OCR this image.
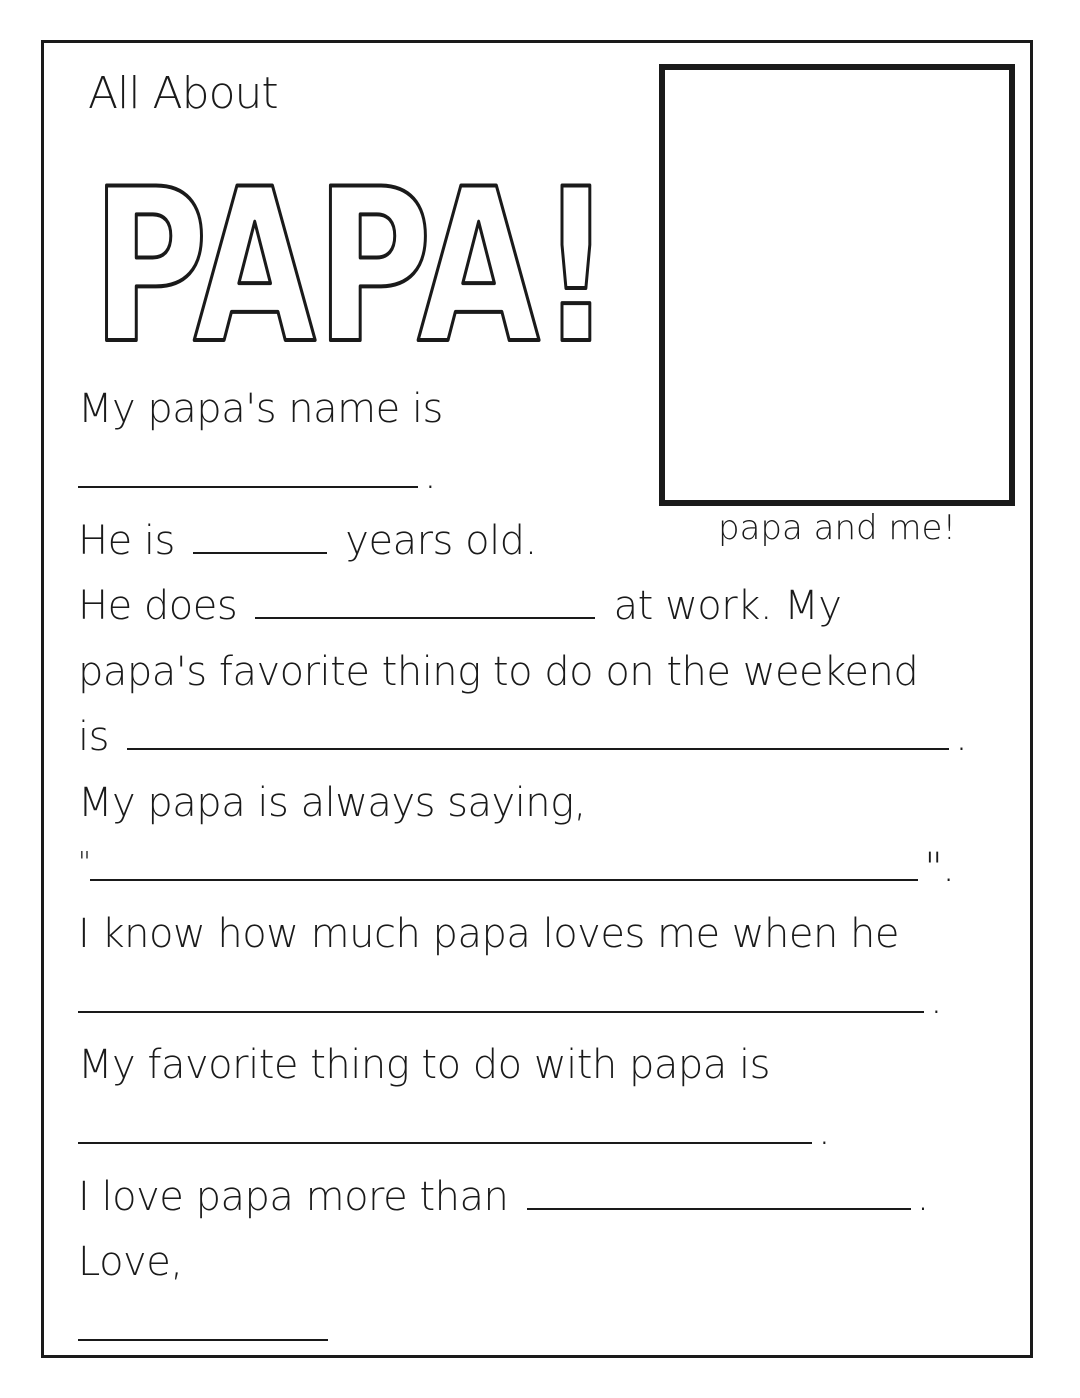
All About
PAPA!
papa and me!
My papa's name is
.
He is	years old.
He does	at work. My
papa's favorite thing to do on the weekend
is	.
My papa is always saying,
"	".
I know how much papa loves me when he
.
My favorite thing to do with papa is
.
I love papa more than	.
Love,
